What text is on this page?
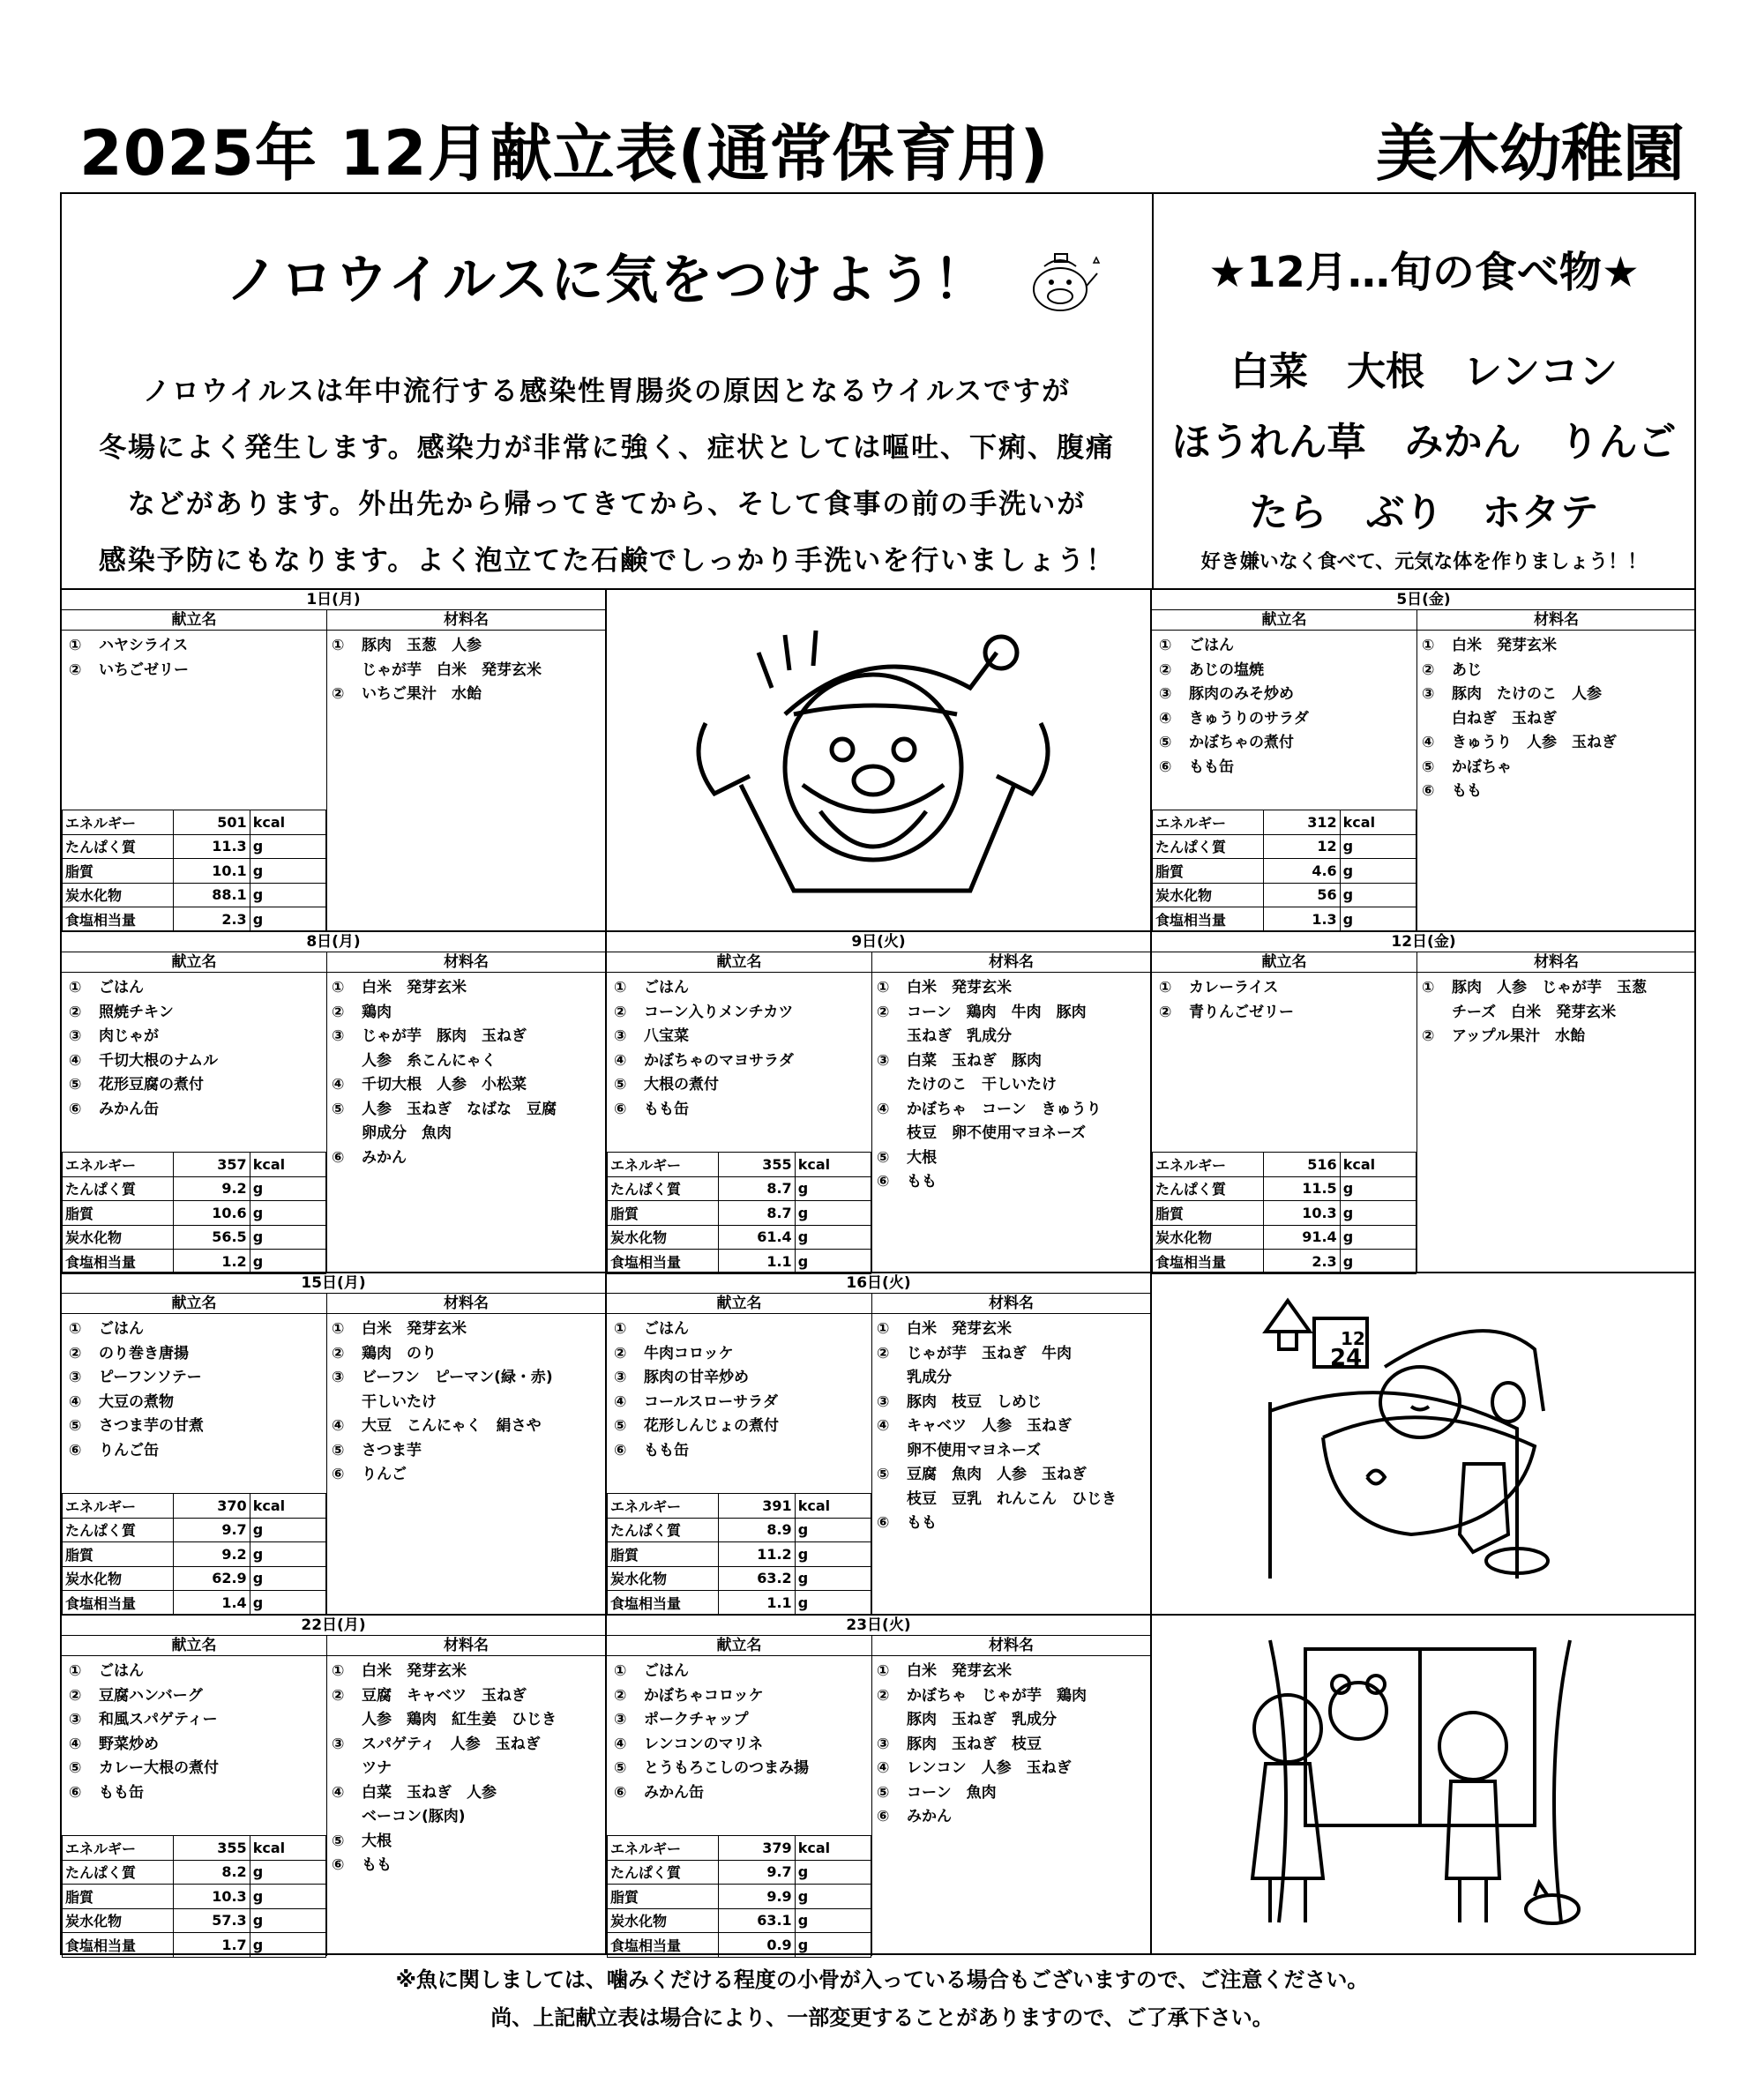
2025年 12月献立表(通常保育用)	美木幼稚園
ノロウイルスに気をつけよう！
ノロウイルスは年中流行する感染性胃腸炎の原因となるウイルスですが
冬場によく発生します。感染力が非常に強く、症状としては嘔吐、下痢、腹痛
などがあります。外出先から帰ってきてから、そして食事の前の手洗いが
感染予防にもなります。よく泡立てた石鹸でしっかり手洗いを行いましょう！
★12月…旬の食べ物★
白菜　大根　レンコン
ほうれん草　みかん　りんご
たら　ぶり　ホタテ
好き嫌いなく食べて、元気な体を作りましょう！！
1日(月)
献立名	材料名
① ハヤシライス
② いちごゼリー
① 豚肉　玉葱　人参
じゃが芋　白米　発芽玄米
② いちご果汁　水飴
エネルギー	501	kcal
たんぱく質	11.3	g
脂質	10.1	g
炭水化物	88.1	g
食塩相当量	2.3	g
5日(金)
献立名	材料名
① ごはん
② あじの塩焼
③ 豚肉のみそ炒め
④ きゅうりのサラダ
⑤ かぼちゃの煮付
⑥ もも缶
① 白米　発芽玄米
② あじ
③ 豚肉　たけのこ　人参
白ねぎ　玉ねぎ
④ きゅうり　人参　玉ねぎ
⑤ かぼちゃ
⑥ もも
エネルギー	312	kcal
たんぱく質	12	g
脂質	4.6	g
炭水化物	56	g
食塩相当量	1.3	g
8日(月)
献立名	材料名
① ごはん
② 照焼チキン
③ 肉じゃが
④ 千切大根のナムル
⑤ 花形豆腐の煮付
⑥ みかん缶
① 白米　発芽玄米
② 鶏肉
③ じゃが芋　豚肉　玉ねぎ
人参　糸こんにゃく
④ 千切大根　人参　小松菜
⑤ 人参　玉ねぎ　なばな　豆腐
卵成分　魚肉
⑥ みかん
エネルギー	357	kcal
たんぱく質	9.2	g
脂質	10.6	g
炭水化物	56.5	g
食塩相当量	1.2	g
9日(火)
献立名	材料名
① ごはん
② コーン入りメンチカツ
③ 八宝菜
④ かぼちゃのマヨサラダ
⑤ 大根の煮付
⑥ もも缶
① 白米　発芽玄米
② コーン　鶏肉　牛肉　豚肉
玉ねぎ　乳成分
③ 白菜　玉ねぎ　豚肉
たけのこ　干しいたけ
④ かぼちゃ　コーン　きゅうり
枝豆　卵不使用マヨネーズ
⑤ 大根
⑥ もも
エネルギー	355	kcal
たんぱく質	8.7	g
脂質	8.7	g
炭水化物	61.4	g
食塩相当量	1.1	g
12日(金)
献立名	材料名
① カレーライス
② 青りんごゼリー
① 豚肉　人参　じゃが芋　玉葱
チーズ　白米　発芽玄米
② アップル果汁　水飴
エネルギー	516	kcal
たんぱく質	11.5	g
脂質	10.3	g
炭水化物	91.4	g
食塩相当量	2.3	g
15日(月)
献立名	材料名
① ごはん
② のり巻き唐揚
③ ピーフンソテー
④ 大豆の煮物
⑤ さつま芋の甘煮
⑥ りんご缶
① 白米　発芽玄米
② 鶏肉　のり
③ ビーフン　ピーマン(緑・赤)
干しいたけ
④ 大豆　こんにゃく　絹さや
⑤ さつま芋
⑥ りんご
エネルギー	370	kcal
たんぱく質	9.7	g
脂質	9.2	g
炭水化物	62.9	g
食塩相当量	1.4	g
16日(火)
献立名	材料名
① ごはん
② 牛肉コロッケ
③ 豚肉の甘辛炒め
④ コールスローサラダ
⑤ 花形しんじょの煮付
⑥ もも缶
① 白米　発芽玄米
② じゃが芋　玉ねぎ　牛肉
乳成分
③ 豚肉　枝豆　しめじ
④ キャベツ　人参　玉ねぎ
卵不使用マヨネーズ
⑤ 豆腐　魚肉　人参　玉ねぎ
枝豆　豆乳　れんこん　ひじき
⑥ もも
エネルギー	391	kcal
たんぱく質	8.9	g
脂質	11.2	g
炭水化物	63.2	g
食塩相当量	1.1	g
22日(月)
献立名	材料名
① ごはん
② 豆腐ハンバーグ
③ 和風スパゲティー
④ 野菜炒め
⑤ カレー大根の煮付
⑥ もも缶
① 白米　発芽玄米
② 豆腐　キャベツ　玉ねぎ
人参　鶏肉　紅生姜　ひじき
③ スパゲティ　人参　玉ねぎ
ツナ
④ 白菜　玉ねぎ　人参
ベーコン(豚肉)
⑤ 大根
⑥ もも
エネルギー	355	kcal
たんぱく質	8.2	g
脂質	10.3	g
炭水化物	57.3	g
食塩相当量	1.7	g
23日(火)
献立名	材料名
① ごはん
② かぼちゃコロッケ
③ ポークチャップ
④ レンコンのマリネ
⑤ とうもろこしのつまみ揚
⑥ みかん缶
① 白米　発芽玄米
② かぼちゃ　じゃが芋　鶏肉
豚肉　玉ねぎ　乳成分
③ 豚肉　玉ねぎ　枝豆
④ レンコン　人参　玉ねぎ
⑤ コーン　魚肉
⑥ みかん
エネルギー	379	kcal
たんぱく質	9.7	g
脂質	9.9	g
炭水化物	63.1	g
食塩相当量	0.9	g
12
24
※魚に関しましては、噛みくだける程度の小骨が入っている場合もございますので、ご注意ください。
尚、上記献立表は場合により、一部変更することがありますので、ご了承下さい。
